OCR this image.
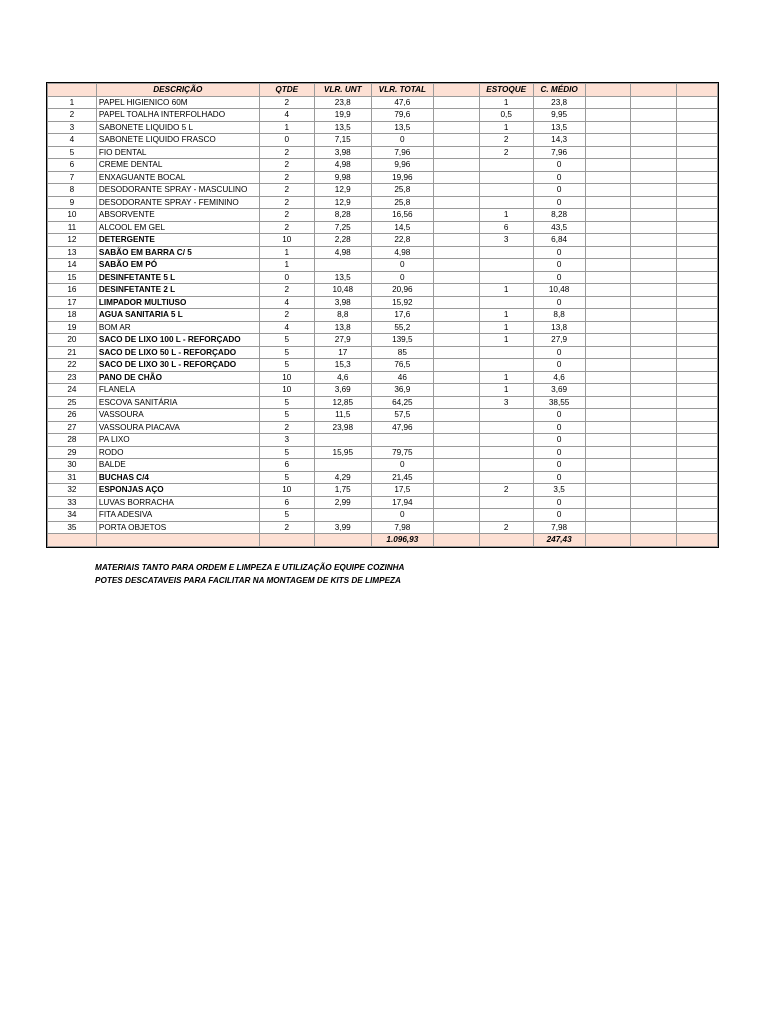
	DESCRIÇÃO	QTDE	VLR. UNT	VLR. TOTAL		ESTOQUE	C. MÉDIO			
1	PAPEL HIGIENICO 60M	2	23,8	47,6		1	23,8			
2	PAPEL TOALHA INTERFOLHADO	4	19,9	79,6		0,5	9,95			
3	SABONETE LIQUIDO 5 L	1	13,5	13,5		1	13,5			
4	SABONETE LIQUIDO FRASCO	0	7,15	0		2	14,3			
5	FIO DENTAL	2	3,98	7,96		2	7,96			
6	CREME DENTAL	2	4,98	9,96			0			
7	ENXAGUANTE BOCAL	2	9,98	19,96			0			
8	DESODORANTE SPRAY - MASCULINO	2	12,9	25,8			0			
9	DESODORANTE SPRAY - FEMININO	2	12,9	25,8			0			
10	ABSORVENTE	2	8,28	16,56		1	8,28			
11	ALCOOL EM GEL	2	7,25	14,5		6	43,5			
12	DETERGENTE	10	2,28	22,8		3	6,84			
13	SABÃO EM BARRA C/ 5	1	4,98	4,98			0			
14	SABÃO EM PÓ	1		0			0			
15	DESINFETANTE 5 L	0	13,5	0			0			
16	DESINFETANTE 2 L	2	10,48	20,96		1	10,48			
17	LIMPADOR MULTIUSO	4	3,98	15,92			0			
18	AGUA SANITARIA 5 L	2	8,8	17,6		1	8,8			
19	BOM AR	4	13,8	55,2		1	13,8			
20	SACO DE LIXO 100 L - REFORÇADO	5	27,9	139,5		1	27,9			
21	SACO DE LIXO 50 L - REFORÇADO	5	17	85			0			
22	SACO DE LIXO 30 L - REFORÇADO	5	15,3	76,5			0			
23	PANO DE CHÃO	10	4,6	46		1	4,6			
24	FLANELA	10	3,69	36,9		1	3,69			
25	ESCOVA SANITÁRIA	5	12,85	64,25		3	38,55			
26	VASSOURA	5	11,5	57,5			0			
27	VASSOURA PIACAVA	2	23,98	47,96			0			
28	PA LIXO	3					0			
29	RODO	5	15,95	79,75			0			
30	BALDE	6		0			0			
31	BUCHAS C/4	5	4,29	21,45			0			
32	ESPONJAS AÇO	10	1,75	17,5		2	3,5			
33	LUVAS BORRACHA	6	2,99	17,94			0			
34	FITA ADESIVA	5		0			0			
35	PORTA OBJETOS	2	3,99	7,98		2	7,98			
				1.096,93			247,43			
MATERIAIS TANTO PARA ORDEM E LIMPEZA E UTILIZAÇÃO EQUIPE COZINHA
POTES DESCATAVEIS PARA FACILITAR NA MONTAGEM DE KITS DE LIMPEZA
